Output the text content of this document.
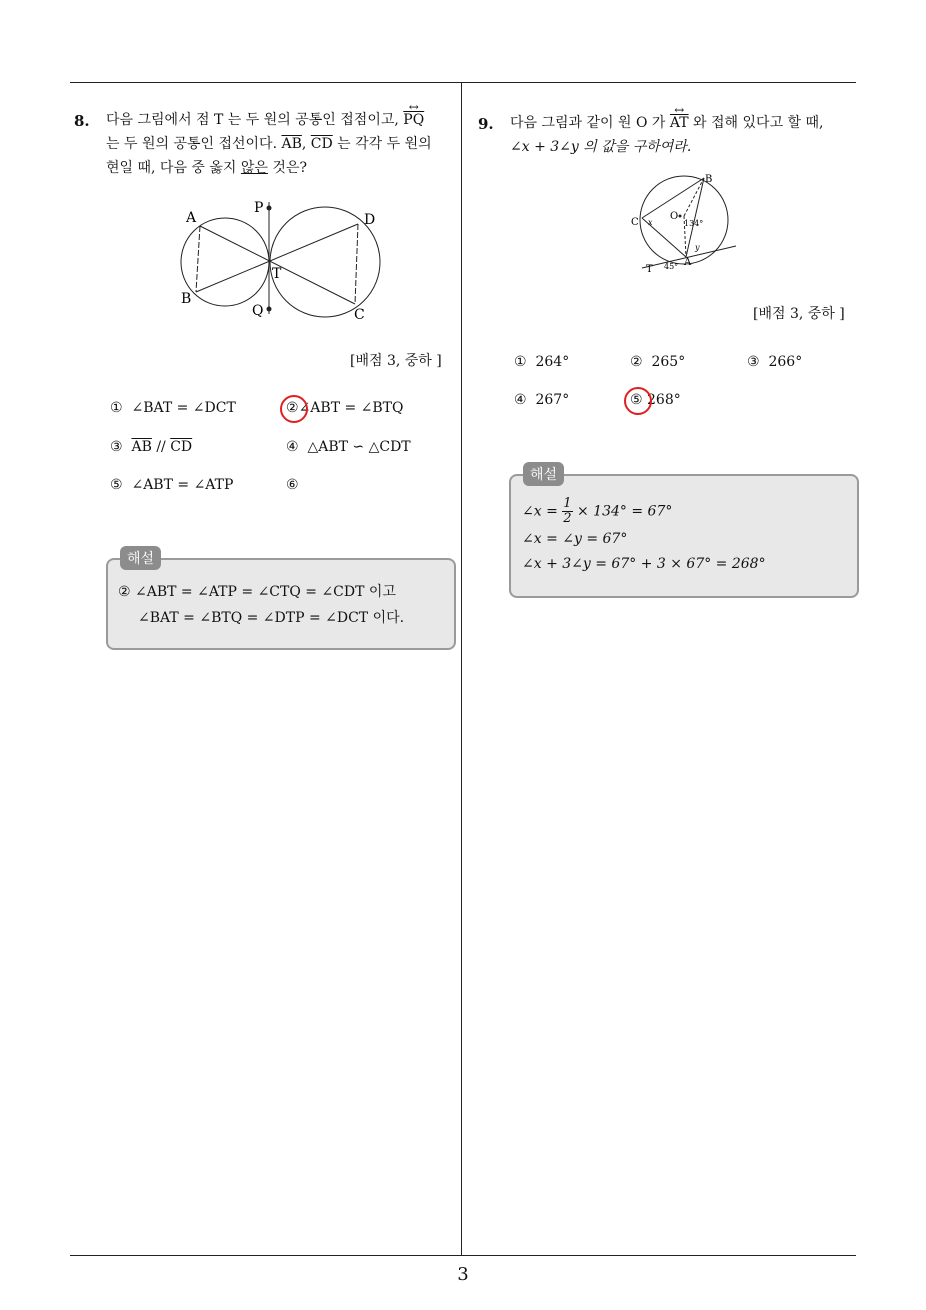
8. 다음 그림에서 점 T 는 두 원의 공통인 접점이고, ↔ $\overline{PQ}$
는 두 원의 공통인 접선이다. $\overline{AB}$, $\overline{CD}$ 는 각각 두 원의
현일 때, 다음 중 옳지 않은 것은?
A
B
C
D
P
Q
T
[배점 3, 중하 ]
① ∠BAT = ∠DCT	②∠ABT = ∠BTQ
③ $\overline{AB} // \overline{CD}$	④ △ABT ∽ △CDT
⑤ ∠ABT = ∠ATP	⑥
해설
② ∠ABT = ∠ATP = ∠CTQ = ∠CDT 이고
∠BAT = ∠BTQ = ∠DTP = ∠DCT 이다.
9. 다음 그림과 같이 원 O 가 ↔ $\overline{AT}$ 와 접해 있다고 할 때,
∠x + 3∠y 의 값을 구하여라.
B
C
O
A
T
x
y
134°
45°
[배점 3, 중하 ]
① 264°	② 265°	③ 266°
④ 267°	⑤ 268°
해설
∠x = $\frac{1}{2} \times 134^\circ = 67^\circ$
∠x = ∠y = 67°
∠x + 3∠y = 67° + 3 × 67° = 268°
3
